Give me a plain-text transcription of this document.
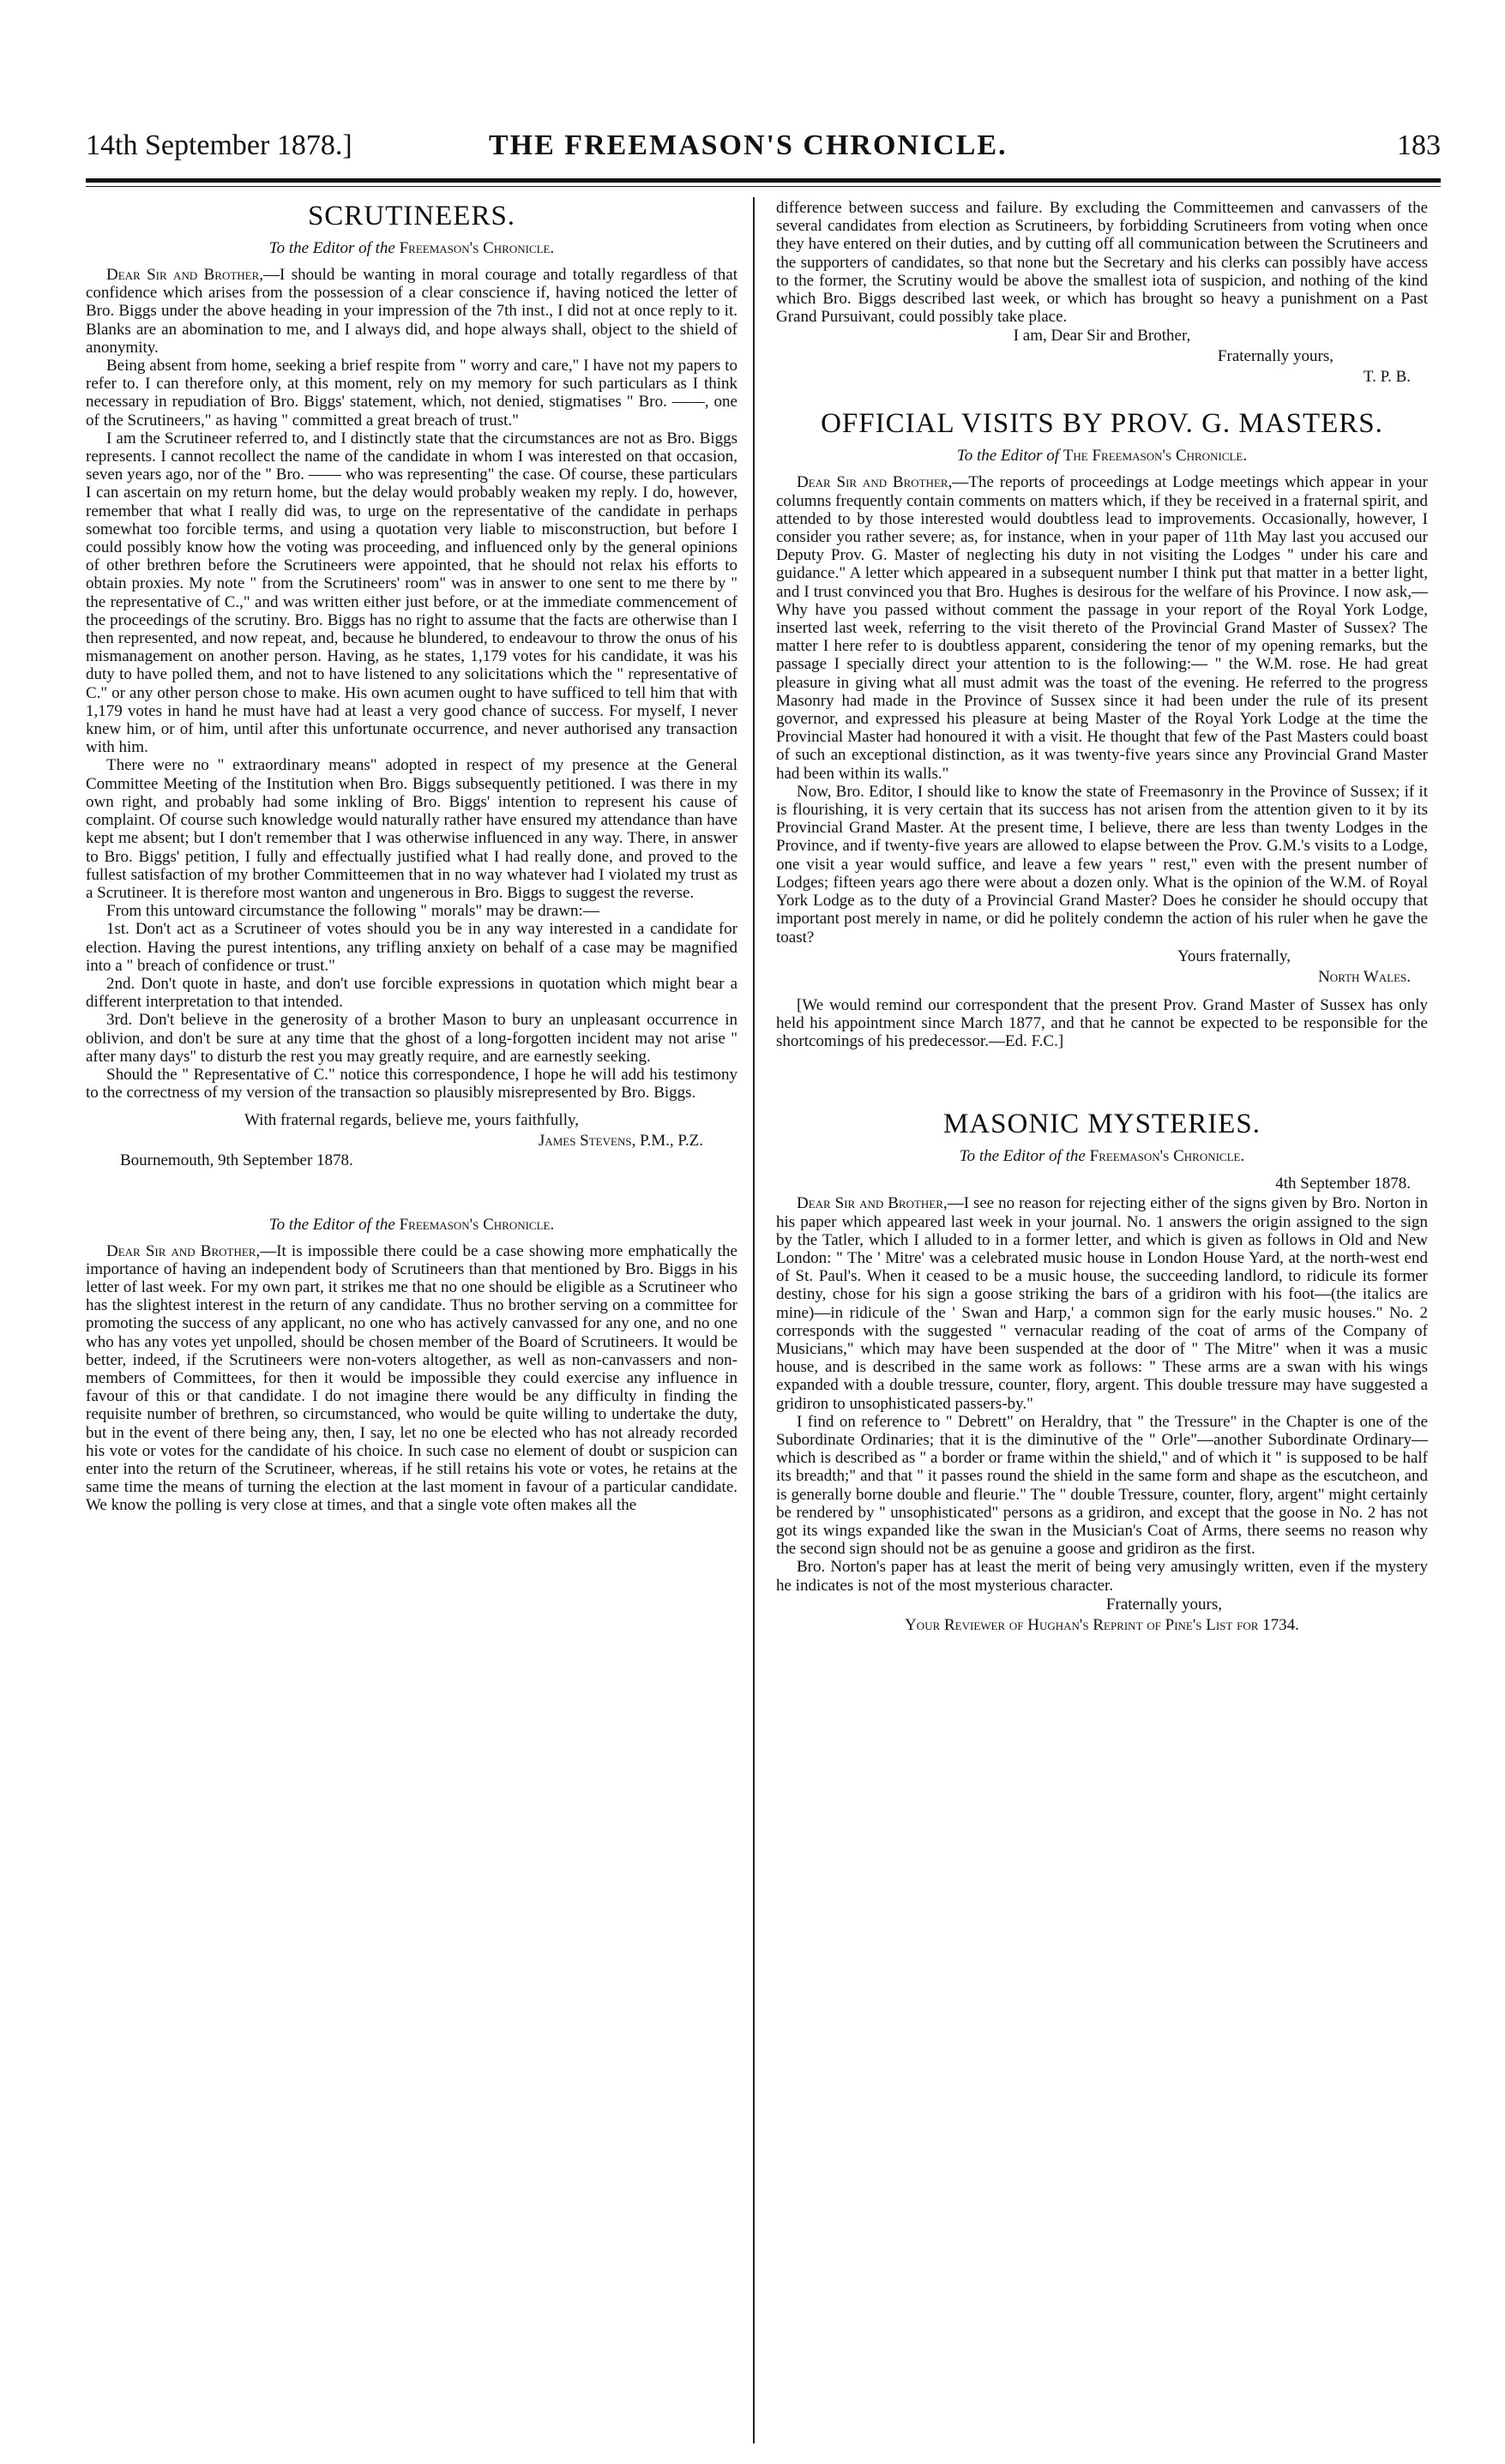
14th September 1878.]	THE FREEMASON'S CHRONICLE.	183
SCRUTINEERS.
To the Editor of the Freemason's Chronicle.

Dear Sir and Brother,—I should be wanting in moral courage and totally regardless of that confidence which arises from the possession of a clear conscience if, having noticed the letter of Bro. Biggs under the above heading in your impression of the 7th inst., I did not at once reply to it. Blanks are an abomination to me, and I always did, and hope always shall, object to the shield of anonymity.

Being absent from home, seeking a brief respite from " worry and care," I have not my papers to refer to. I can therefore only, at this moment, rely on my memory for such particulars as I think necessary in repudiation of Bro. Biggs' statement, which, not denied, stigmatises " Bro. ——, one of the Scrutineers," as having " committed a great breach of trust."

I am the Scrutineer referred to, and I distinctly state that the circumstances are not as Bro. Biggs represents. I cannot recollect the name of the candidate in whom I was interested on that occasion, seven years ago, nor of the " Bro. —— who was representing" the case. Of course, these particulars I can ascertain on my return home, but the delay would probably weaken my reply. I do, however, remember that what I really did was, to urge on the representative of the candidate in perhaps somewhat too forcible terms, and using a quotation very liable to misconstruction, but before I could possibly know how the voting was proceeding, and influenced only by the general opinions of other brethren before the Scrutineers were appointed, that he should not relax his efforts to obtain proxies. My note " from the Scrutineers' room" was in answer to one sent to me there by " the representative of C.," and was written either just before, or at the immediate commencement of the proceedings of the scrutiny. Bro. Biggs has no right to assume that the facts are otherwise than I then represented, and now repeat, and, because he blundered, to endeavour to throw the onus of his mismanagement on another person. Having, as he states, 1,179 votes for his candidate, it was his duty to have polled them, and not to have listened to any solicitations which the " representative of C." or any other person chose to make. His own acumen ought to have sufficed to tell him that with 1,179 votes in hand he must have had at least a very good chance of success. For myself, I never knew him, or of him, until after this unfortunate occurrence, and never authorised any transaction with him.

There were no " extraordinary means" adopted in respect of my presence at the General Committee Meeting of the Institution when Bro. Biggs subsequently petitioned. I was there in my own right, and probably had some inkling of Bro. Biggs' intention to represent his cause of complaint. Of course such knowledge would naturally rather have ensured my attendance than have kept me absent; but I don't remember that I was otherwise influenced in any way. There, in answer to Bro. Biggs' petition, I fully and effectually justified what I had really done, and proved to the fullest satisfaction of my brother Committeemen that in no way whatever had I violated my trust as a Scrutineer. It is therefore most wanton and ungenerous in Bro. Biggs to suggest the reverse.

From this untoward circumstance the following " morals" may be drawn:—

1st. Don't act as a Scrutineer of votes should you be in any way interested in a candidate for election. Having the purest intentions, any trifling anxiety on behalf of a case may be magnified into a " breach of confidence or trust."

2nd. Don't quote in haste, and don't use forcible expressions in quotation which might bear a different interpretation to that intended.

3rd. Don't believe in the generosity of a brother Mason to bury an unpleasant occurrence in oblivion, and don't be sure at any time that the ghost of a long-forgotten incident may not arise " after many days" to disturb the rest you may greatly require, and are earnestly seeking.

Should the " Representative of C." notice this correspondence, I hope he will add his testimony to the correctness of my version of the transaction so plausibly misrepresented by Bro. Biggs.

With fraternal regards, believe me, yours faithfully,

James Stevens, P.M., P.Z.

Bournemouth, 9th September 1878.

To the Editor of the Freemason's Chronicle.

Dear Sir and Brother,—It is impossible there could be a case showing more emphatically the importance of having an independent body of Scrutineers than that mentioned by Bro. Biggs in his letter of last week. For my own part, it strikes me that no one should be eligible as a Scrutineer who has the slightest interest in the return of any candidate. Thus no brother serving on a committee for promoting the success of any applicant, no one who has actively canvassed for any one, and no one who has any votes yet unpolled, should be chosen member of the Board of Scrutineers. It would be better, indeed, if the Scrutineers were non-voters altogether, as well as non-canvassers and non-members of Committees, for then it would be impossible they could exercise any influence in favour of this or that candidate. I do not imagine there would be any difficulty in finding the requisite number of brethren, so circumstanced, who would be quite willing to undertake the duty, but in the event of there being any, then, I say, let no one be elected who has not already recorded his vote or votes for the candidate of his choice. In such case no element of doubt or suspicion can enter into the return of the Scrutineer, whereas, if he still retains his vote or votes, he retains at the same time the means of turning the election at the last moment in favour of a particular candidate. We know the polling is very close at times, and that a single vote often makes all the

difference between success and failure. By excluding the Committeemen and canvassers of the several candidates from election as Scrutineers, by forbidding Scrutineers from voting when once they have entered on their duties, and by cutting off all communication between the Scrutineers and the supporters of candidates, so that none but the Secretary and his clerks can possibly have access to the former, the Scrutiny would be above the smallest iota of suspicion, and nothing of the kind which Bro. Biggs described last week, or which has brought so heavy a punishment on a Past Grand Pursuivant, could possibly take place.

I am, Dear Sir and Brother,

Fraternally yours,

T. P. B.

OFFICIAL VISITS BY PROV. G. MASTERS.
To the Editor of The Freemason's Chronicle.

Dear Sir and Brother,—The reports of proceedings at Lodge meetings which appear in your columns frequently contain comments on matters which, if they be received in a fraternal spirit, and attended to by those interested would doubtless lead to improvements. Occasionally, however, I consider you rather severe; as, for instance, when in your paper of 11th May last you accused our Deputy Prov. G. Master of neglecting his duty in not visiting the Lodges " under his care and guidance." A letter which appeared in a subsequent number I think put that matter in a better light, and I trust convinced you that Bro. Hughes is desirous for the welfare of his Province. I now ask,—Why have you passed without comment the passage in your report of the Royal York Lodge, inserted last week, referring to the visit thereto of the Provincial Grand Master of Sussex? The matter I here refer to is doubtless apparent, considering the tenor of my opening remarks, but the passage I specially direct your attention to is the following:— " the W.M. rose. He had great pleasure in giving what all must admit was the toast of the evening. He referred to the progress Masonry had made in the Province of Sussex since it had been under the rule of its present governor, and expressed his pleasure at being Master of the Royal York Lodge at the time the Provincial Master had honoured it with a visit. He thought that few of the Past Masters could boast of such an exceptional distinction, as it was twenty-five years since any Provincial Grand Master had been within its walls."

Now, Bro. Editor, I should like to know the state of Freemasonry in the Province of Sussex; if it is flourishing, it is very certain that its success has not arisen from the attention given to it by its Provincial Grand Master. At the present time, I believe, there are less than twenty Lodges in the Province, and if twenty-five years are allowed to elapse between the Prov. G.M.'s visits to a Lodge, one visit a year would suffice, and leave a few years " rest," even with the present number of Lodges; fifteen years ago there were about a dozen only. What is the opinion of the W.M. of Royal York Lodge as to the duty of a Provincial Grand Master? Does he consider he should occupy that important post merely in name, or did he politely condemn the action of his ruler when he gave the toast?

Yours fraternally,

North Wales.

[We would remind our correspondent that the present Prov. Grand Master of Sussex has only held his appointment since March 1877, and that he cannot be expected to be responsible for the shortcomings of his predecessor.—Ed. F.C.]

MASONIC MYSTERIES.
To the Editor of the Freemason's Chronicle.

4th September 1878.

Dear Sir and Brother,—I see no reason for rejecting either of the signs given by Bro. Norton in his paper which appeared last week in your journal. No. 1 answers the origin assigned to the sign by the Tatler, which I alluded to in a former letter, and which is given as follows in Old and New London: " The ' Mitre' was a celebrated music house in London House Yard, at the north-west end of St. Paul's. When it ceased to be a music house, the succeeding landlord, to ridicule its former destiny, chose for his sign a goose striking the bars of a gridiron with his foot—(the italics are mine)—in ridicule of the ' Swan and Harp,' a common sign for the early music houses." No. 2 corresponds with the suggested " vernacular reading of the coat of arms of the Company of Musicians," which may have been suspended at the door of " The Mitre" when it was a music house, and is described in the same work as follows: " These arms are a swan with his wings expanded with a double tressure, counter, flory, argent. This double tressure may have suggested a gridiron to unsophisticated passers-by."

I find on reference to " Debrett" on Heraldry, that " the Tressure" in the Chapter is one of the Subordinate Ordinaries; that it is the diminutive of the " Orle"—another Subordinate Ordinary—which is described as " a border or frame within the shield," and of which it " is supposed to be half its breadth;" and that " it passes round the shield in the same form and shape as the escutcheon, and is generally borne double and fleurie." The " double Tressure, counter, flory, argent" might certainly be rendered by " unsophisticated" persons as a gridiron, and except that the goose in No. 2 has not got its wings expanded like the swan in the Musician's Coat of Arms, there seems no reason why the second sign should not be as genuine a goose and gridiron as the first.

Bro. Norton's paper has at least the merit of being very amusingly written, even if the mystery he indicates is not of the most mysterious character.

Fraternally yours,

Your Reviewer of Hughan's Reprint of Pine's List for 1734.
